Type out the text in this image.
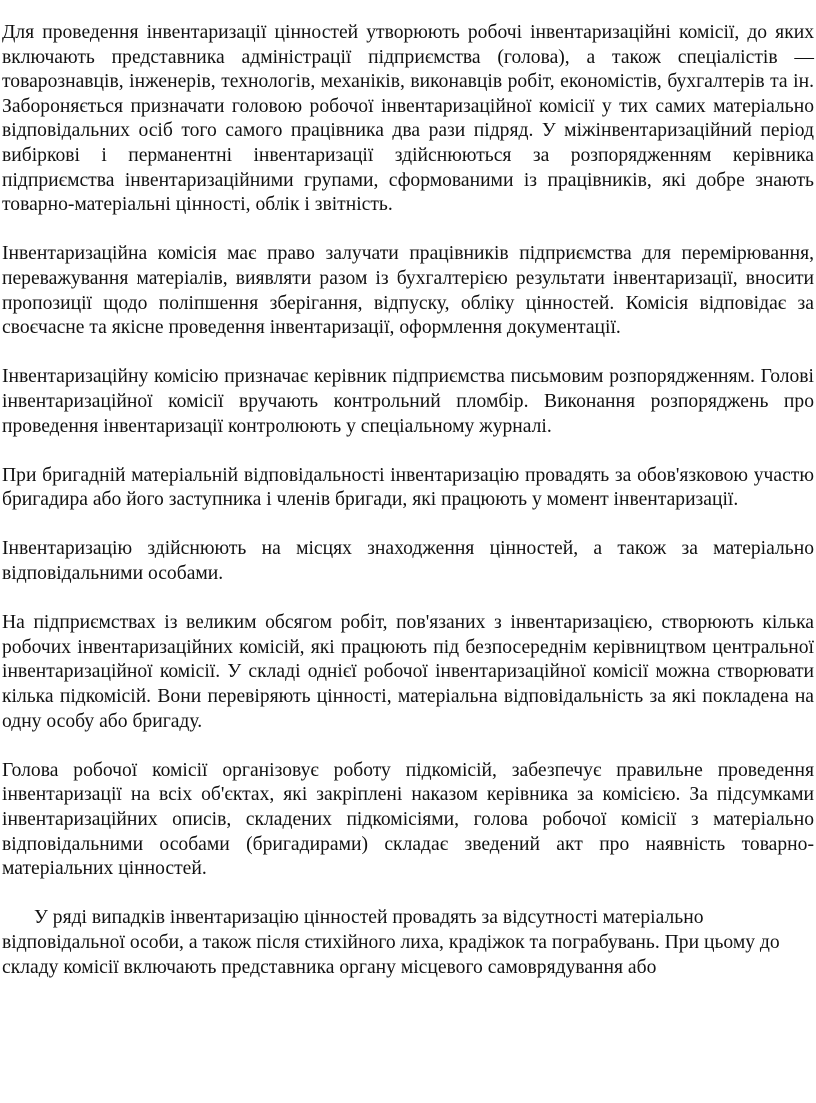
Для проведення інвентаризації цінностей утворюють робочі інвентаризаційні комісії, до яких включають представника адміністрації підприємства (голова), а також спеціалістів — товарознавців, інженерів, технологів, механіків, виконавців робіт, економістів, бухгалтерів та ін. Забороняється призначати головою робочої інвентаризаційної комісії у тих самих матеріально відповідальних осіб того самого працівника два рази підряд. У міжінвентаризаційний період вибіркові і перманентні інвентаризації здійснюються за розпорядженням керівника підприємства інвентаризаційними групами, сформованими із працівників, які добре знають товарно-матеріальні цінності, облік і звітність.

Інвентаризаційна комісія має право залучати працівників підприємства для перемірювання, переважування матеріалів, виявляти разом із бухгалтерією результати інвентаризації, вносити пропозиції щодо поліпшення зберігання, відпуску, обліку цінностей. Комісія відповідає за своєчасне та якісне проведення інвентаризації, оформлення документації.

Інвентаризаційну комісію призначає керівник підприємства письмовим розпорядженням. Голові інвентаризаційної комісії вручають контрольний пломбір. Виконання розпоряджень про проведення інвентаризації контролюють у спеціальному журналі.

При бригадній матеріальній відповідальності інвентаризацію провадять за обов'язковою участю бригадира або його заступника і членів бригади, які працюють у момент інвентаризації.

Інвентаризацію здійснюють на місцях знаходження цінностей, а також за матеріально відповідальними особами.

На підприємствах із великим обсягом робіт, пов'язаних з інвентаризацією, створюють кілька робочих інвентаризаційних комісій, які працюють під безпосереднім керівництвом центральної інвентаризаційної комісії. У складі однієї робочої інвентаризаційної комісії можна створювати кілька підкомісій. Вони перевіряють цінності, матеріальна відповідальність за які покладена на одну особу або бригаду.

Голова робочої комісії організовує роботу підкомісій, забезпечує правильне проведення інвентаризації на всіх об'єктах, які закріплені наказом керівника за комісією. За підсумками інвентаризаційних описів, складених підкомісіями, голова робочої комісії з матеріально відповідальними особами (бригадирами) складає зведений акт про наявність товарно-матеріальних цінностей.

У ряді випадків інвентаризацію цінностей провадять за відсутності матеріально відповідальної особи, а також після стихійного лиха, крадіжок та пограбувань. При цьому до складу комісії включають представника органу місцевого самоврядування або
